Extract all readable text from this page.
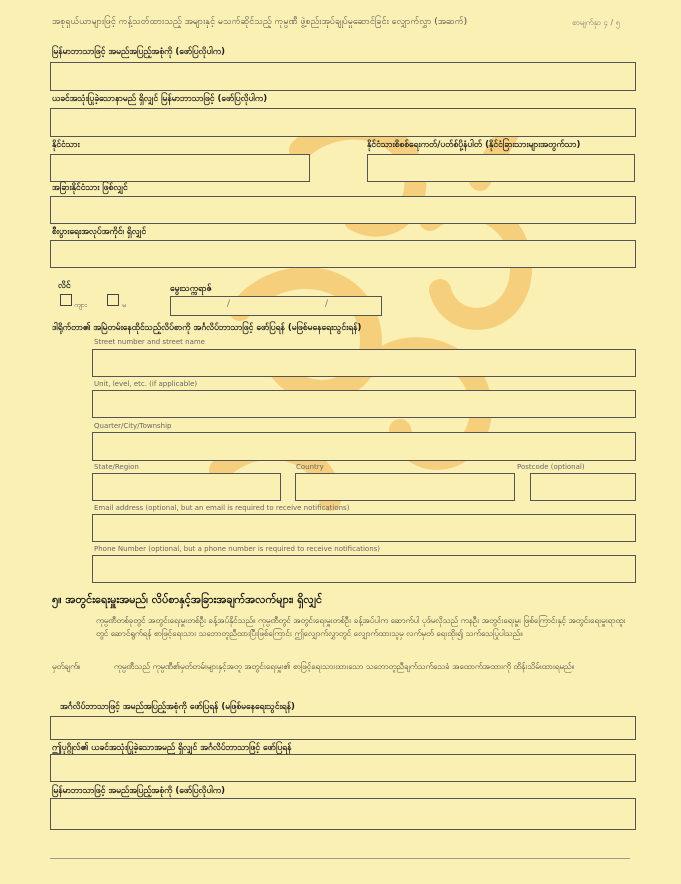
အစုရှယ်ယာများဖြင့် ကန့်သတ်ထားသည့် အများနှင့် မသက်ဆိုင်သည့် ကုမ္ပဏီ ဖွဲ့စည်းအုပ်ချုပ်မှုဆောင်ခြင်း လျှောက်လွှာ (အဆက်)	စာမျက်နှာ ၄ / ၅
မြန်မာဘာသာဖြင့် အမည်အပြည့်အစုံကို (ဖော်ပြလိုပါက)
ယခင်အသုံးပြုခဲ့သောနာမည် ရှိလျှင် မြန်မာဘာသာဖြင့် (ဖော်ပြလိုပါက)
နိုင်ငံသား	နိုင်ငံသားစိစစ်ရေးကတ်/ပတ်စ်ပို့နံပါတ် (နိုင်ငံခြားသားများအတွက်သာ)
အခြားနိုင်ငံသား ဖြစ်လျှင်
စီးပွားရေးအလုပ်အကိုင်၊ ရှိလျှင်
လိင်
ကျား	မ
မွေးသက္ကရာဇ်
/	/
ဒါရိုက်တာ၏ အမြဲတမ်းနေထိုင်သည့်လိပ်စာကို အင်္ဂလိပ်ဘာသာဖြင့် ဖော်ပြရန် (မဖြစ်မနေရေးသွင်းရန်)
Street number and street name
Unit, level, etc. (if applicable)
Quarter/City/Township
State/Region	Country	Postcode (optional)
Email address (optional, but an email is required to receive notifications)
Phone Number (optional, but a phone number is required to receive notifications)
၅။ အတွင်းရေးမှူးအမည်၊ လိပ်စာနှင့်အခြားအချက်အလက်များ၊ ရှိလျှင်
ကုမ္ပဏီတစ်ခုတွင် အတွင်းရေးမှူးတစ်ဦး ခန့်အပ်နိုင်သည်။ ကုမ္ပဏီတွင် အတွင်းရေးမှူးတစ်ဦး ခန့်အပ်ပါက ဆောက်ပါ ပုဒ်မလိုသည် ကနဦး အတွင်းရေးမှူး ဖြစ်ကြောင်းနှင့် အတွင်းရေးမှူးရာထူးတွင် ဆောင်ရွက်ရန် စာဖြင့်ရေးသား သဘောတူညီထားပြီးဖြစ်ကြောင်း ဤလျှောက်လွှာတွင် လျှောက်ထားသူမှ လက်မှတ် ရေးထိုး၍ သက်သေပြုပါသည်။
မှတ်ချက်။	ကုမ္ပဏီသည် ကုမ္ပဏီ၏မှတ်တမ်းများနှင့်အတူ အတွင်းရေးမှူး၏ စာဖြင့်ရေးသားထားသော သဘောတူညီချက်သက်သေခံ အထောက်အထားကို ထိန်းသိမ်းထားရမည်။
အင်္ဂလိပ်ဘာသာဖြင့် အမည်အပြည့်အစုံကို ဖော်ပြရန် (မဖြစ်မနေရေးသွင်းရန်)
ဤပုဂ္ဂိုလ်၏ ယခင်အသုံးပြုခဲ့သောအမည် ရှိလျှင် အင်္ဂလိပ်ဘာသာဖြင့် ဖော်ပြရန်
မြန်မာဘာသာဖြင့် အမည်အပြည့်အစုံကို (ဖော်ပြလိုပါက)
